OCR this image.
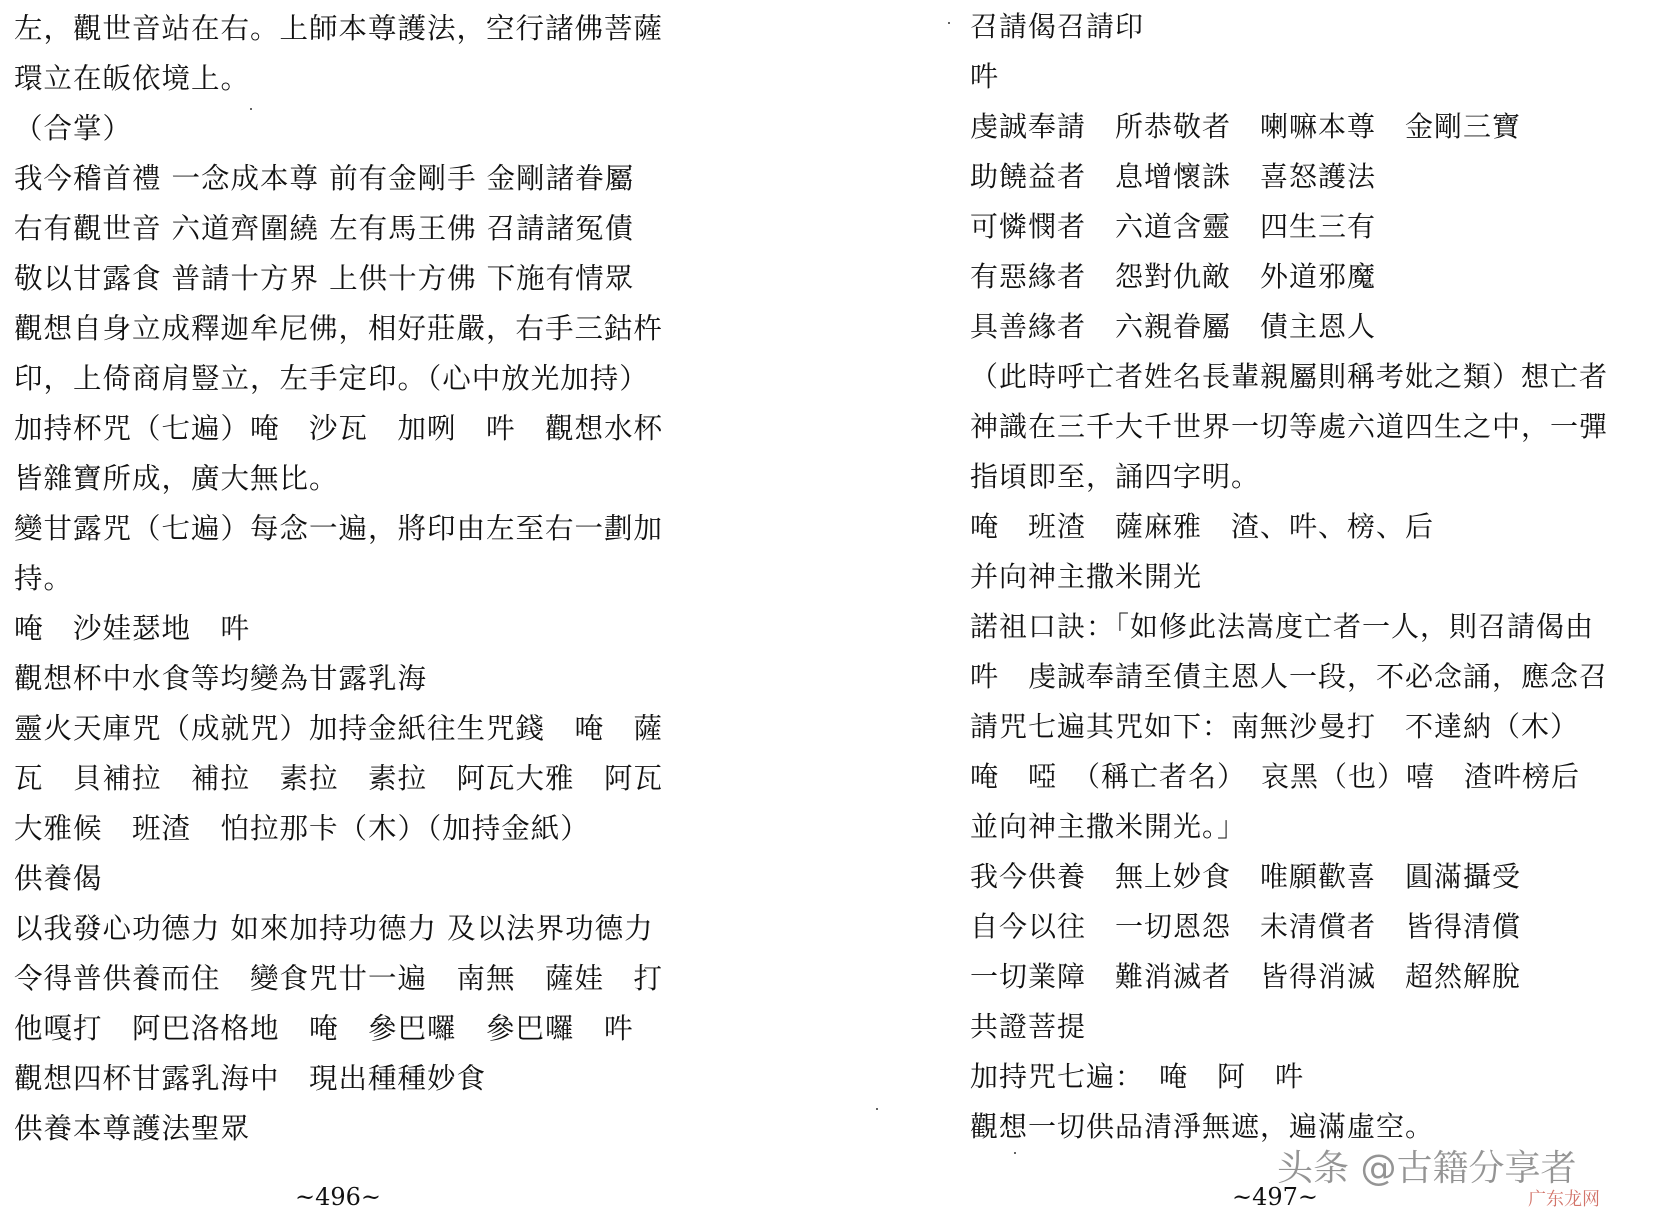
左，觀世音站在右。上師本尊護法，空行諸佛菩薩
環立在皈依境上。
（合掌）
我今稽首禮 一念成本尊 前有金剛手 金剛諸眷屬
右有觀世音 六道齊圍繞 左有馬王佛 召請諸冤債
敬以甘露食 普請十方界 上供十方佛 下施有情眾
觀想自身立成釋迦牟尼佛，相好莊嚴，右手三鈷杵
印，上倚商肩豎立，左手定印。（心中放光加持）
加持杯咒（七遍）唵　沙瓦　加咧　吽　觀想水杯
皆雜寶所成，廣大無比。
變甘露咒（七遍）每念一遍，將印由左至右一劃加
持。
唵　沙娃瑟地　吽
觀想杯中水食等均變為甘露乳海
靈火天庫咒（成就咒）加持金紙往生咒錢　唵　薩
瓦　貝補拉　補拉　素拉　素拉　阿瓦大雅　阿瓦
大雅候　班渣　怕拉那卡（木）（加持金紙）
供養偈
以我發心功德力 如來加持功德力 及以法界功德力
令得普供養而住　變食咒廿一遍　南無　薩娃　打
他嘎打　阿巴洛格地　唵　參巴囉　參巴囉　吽
觀想四杯甘露乳海中　現出種種妙食
供養本尊護法聖眾
~496~
召請偈召請印
吽
虔誠奉請　所恭敬者　喇嘛本尊　金剛三寶
助饒益者　息增懷誅　喜怒護法
可憐憫者　六道含靈　四生三有
有惡緣者　怨對仇敵　外道邪魔
具善緣者　六親眷屬　債主恩人
（此時呼亡者姓名長輩親屬則稱考妣之類）想亡者
神識在三千大千世界一切等處六道四生之中，一彈
指頃即至，誦四字明。
唵　班渣　薩麻雅　渣、吽、榜、后
并向神主撒米開光
諾祖口訣：「如修此法嵩度亡者一人，則召請偈由
吽　虔誠奉請至債主恩人一段，不必念誦，應念召
請咒七遍其咒如下：南無沙曼打　不達納（木）
唵　啞　（稱亡者名）　哀黑（也）嘻　渣吽榜后
並向神主撒米開光。」
我今供養　無上妙食　唯願歡喜　圓滿攝受
自今以往　一切恩怨　未清償者　皆得清償
一切業障　難消滅者　皆得消滅　超然解脫
共證菩提
加持咒七遍：　唵　阿　吽
觀想一切供品清淨無遮，遍滿虛空。
~497~
头条 @古籍分享者
广东龙网
